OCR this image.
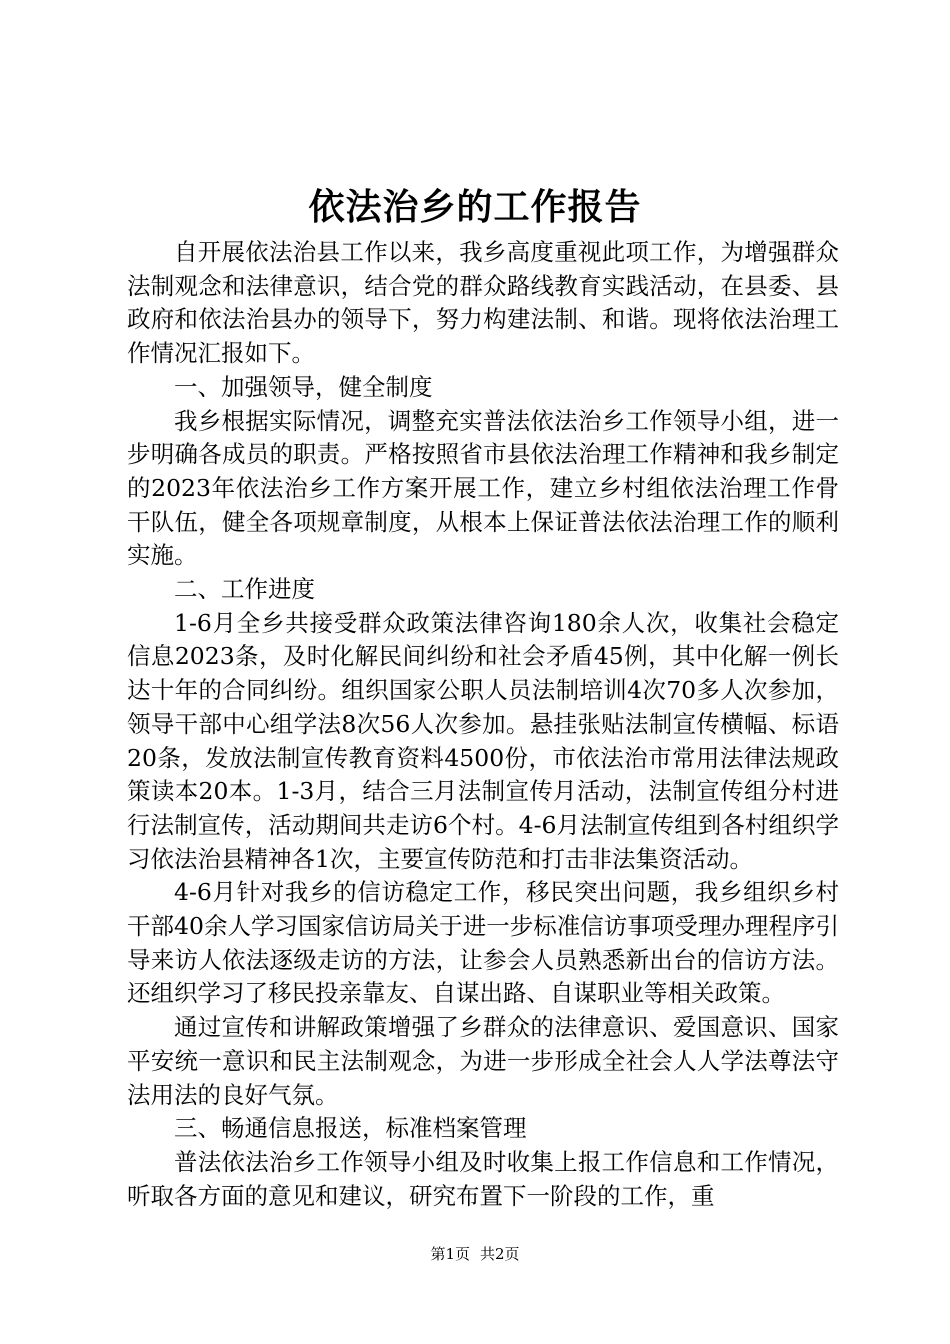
依法治乡的工作报告

自开展依法治县工作以来，我乡高度重视此项工作，为增强群众法制观念和法律意识，结合党的群众路线教育实践活动，在县委、县政府和依法治县办的领导下，努力构建法制、和谐。现将依法治理工作情况汇报如下。

一、加强领导，健全制度

我乡根据实际情况，调整充实普法依法治乡工作领导小组，进一步明确各成员的职责。严格按照省市县依法治理工作精神和我乡制定的2023年依法治乡工作方案开展工作，建立乡村组依法治理工作骨干队伍，健全各项规章制度，从根本上保证普法依法治理工作的顺利实施。

二、工作进度

1-6月全乡共接受群众政策法律咨询180余人次，收集社会稳定信息2023条，及时化解民间纠纷和社会矛盾45例，其中化解一例长达十年的合同纠纷。组织国家公职人员法制培训4次70多人次参加，领导干部中心组学法8次56人次参加。悬挂张贴法制宣传横幅、标语20条，发放法制宣传教育资料4500份，市依法治市常用法律法规政策读本20本。1-3月，结合三月法制宣传月活动，法制宣传组分村进行法制宣传，活动期间共走访6个村。4-6月法制宣传组到各村组织学习依法治县精神各1次，主要宣传防范和打击非法集资活动。

4-6月针对我乡的信访稳定工作，移民突出问题，我乡组织乡村干部40余人学习国家信访局关于进一步标准信访事项受理办理程序引导来访人依法逐级走访的方法，让参会人员熟悉新出台的信访方法。还组织学习了移民投亲靠友、自谋出路、自谋职业等相关政策。

通过宣传和讲解政策增强了乡群众的法律意识、爱国意识、国家平安统一意识和民主法制观念，为进一步形成全社会人人学法尊法守法用法的良好气氛。

三、畅通信息报送，标准档案管理

普法依法治乡工作领导小组及时收集上报工作信息和工作情况，听取各方面的意见和建议，研究布置下一阶段的工作，重

第1页 共2页
